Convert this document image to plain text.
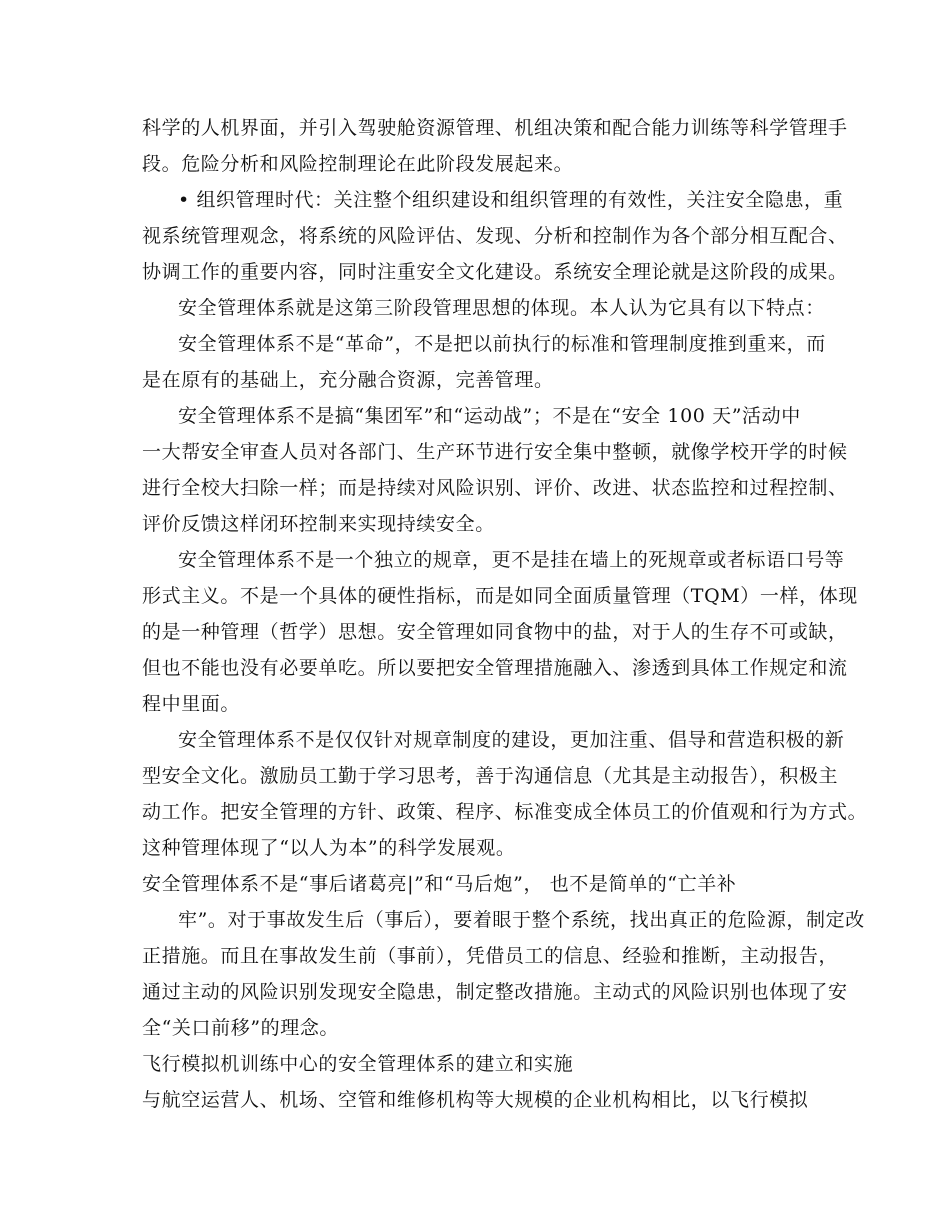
科学的人机界面，并引入驾驶舱资源管理、机组决策和配合能力训练等科学管理手
段。危险分析和风险控制理论在此阶段发展起来。
• 组织管理时代：关注整个组织建设和组织管理的有效性，关注安全隐患，重
视系统管理观念，将系统的风险评估、发现、分析和控制作为各个部分相互配合、
协调工作的重要内容，同时注重安全文化建设。系统安全理论就是这阶段的成果。
安全管理体系就是这第三阶段管理思想的体现。本人认为它具有以下特点：
安全管理体系不是“革命”，不是把以前执行的标准和管理制度推到重来，而
是在原有的基础上，充分融合资源，完善管理。
安全管理体系不是搞“集团军”和“运动战”；不是在“安全 100 天”活动中
一大帮安全审查人员对各部门、生产环节进行安全集中整顿，就像学校开学的时候
进行全校大扫除一样；而是持续对风险识别、评价、改进、状态监控和过程控制、
评价反馈这样闭环控制来实现持续安全。
安全管理体系不是一个独立的规章，更不是挂在墙上的死规章或者标语口号等
形式主义。不是一个具体的硬性指标，而是如同全面质量管理（TQM）一样，体现
的是一种管理（哲学）思想。安全管理如同食物中的盐，对于人的生存不可或缺，
但也不能也没有必要单吃。所以要把安全管理措施融入、渗透到具体工作规定和流
程中里面。
安全管理体系不是仅仅针对规章制度的建设，更加注重、倡导和营造积极的新
型安全文化。激励员工勤于学习思考，善于沟通信息（尤其是主动报告），积极主
动工作。把安全管理的方针、政策、程序、标准变成全体员工的价值观和行为方式。
这种管理体现了“以人为本”的科学发展观。
安全管理体系不是“事后诸葛亮|”和“马后炮”， 也不是简单的“亡羊补
牢”。对于事故发生后（事后），要着眼于整个系统，找出真正的危险源，制定改
正措施。而且在事故发生前（事前），凭借员工的信息、经验和推断，主动报告，
通过主动的风险识别发现安全隐患，制定整改措施。主动式的风险识别也体现了安
全“关口前移”的理念。
飞行模拟机训练中心的安全管理体系的建立和实施
与航空运营人、机场、空管和维修机构等大规模的企业机构相比，以飞行模拟
